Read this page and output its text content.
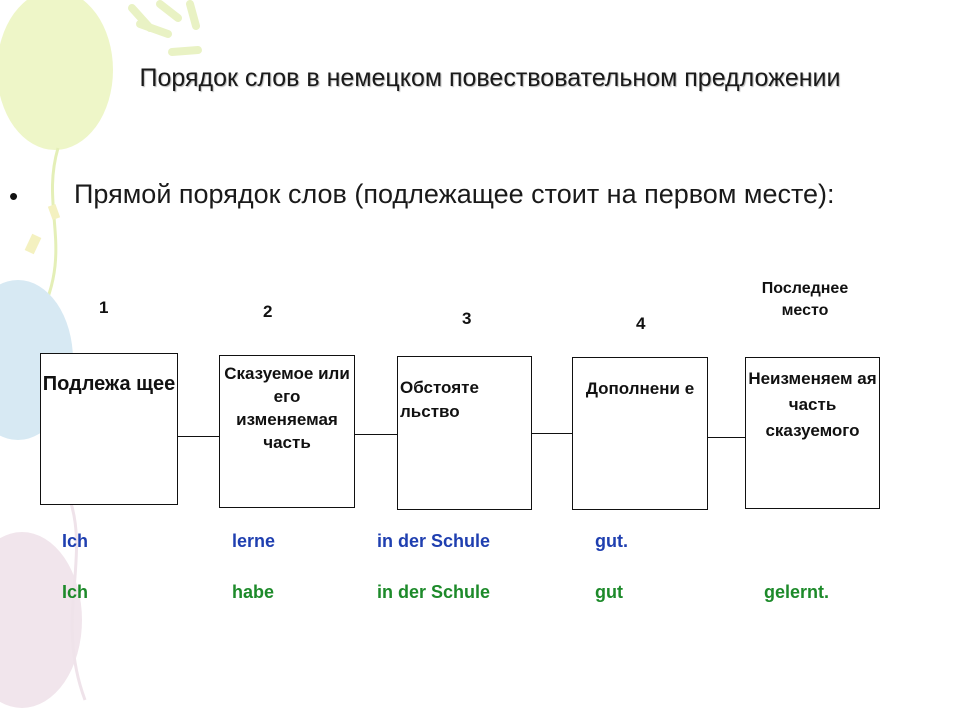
Порядок слов в немецком повествовательном предложении
• Прямой порядок слов (подлежащее стоит на первом месте):
1	2	3	4
Последнее место
Подлежа щее	Сказуемое или его изменяемая часть
Обстояте льство
Дополнени е
Неизменяем ая часть сказуемого
Ich	lerne	in der Schule	gut.
Ich	habe	in der Schule	gut	gelernt.
